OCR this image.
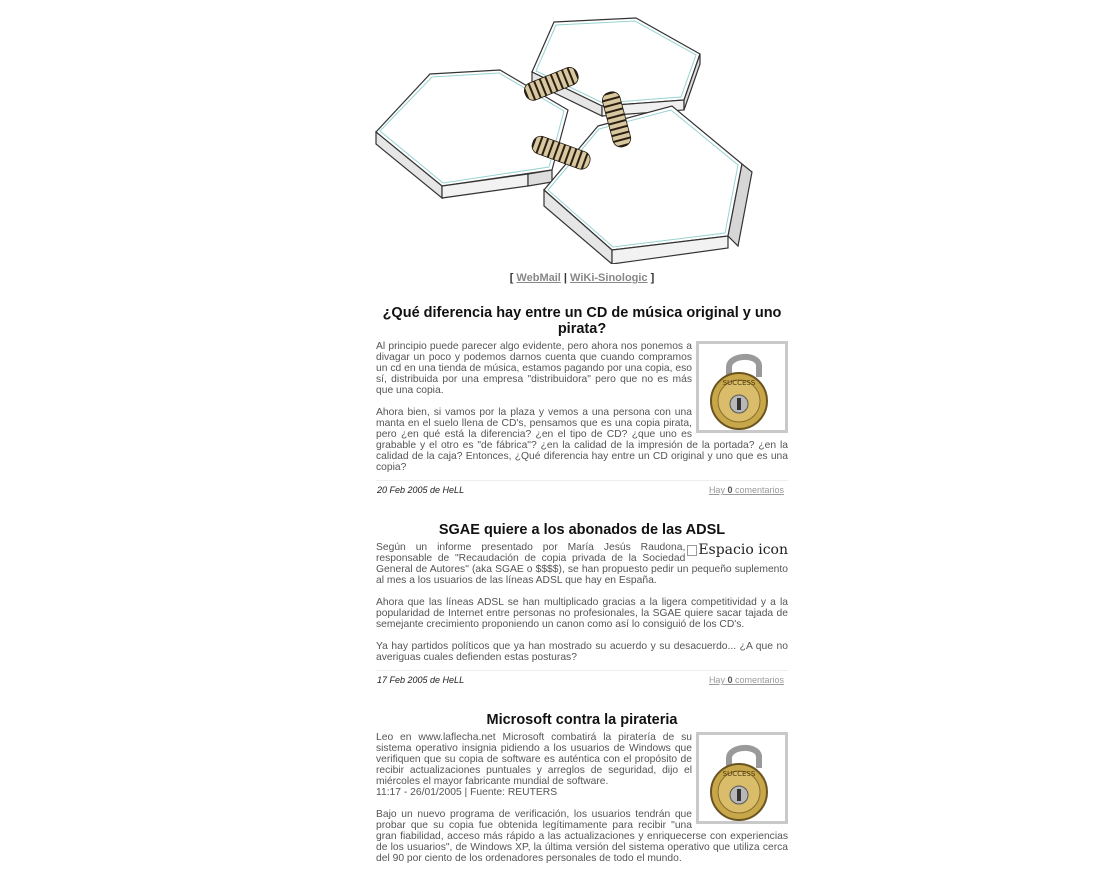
[ WebMail | WiKi-Sinologic ]
¿Qué diferencia hay entre un CD de música original y uno pirata?
SUCCESS

Al principio puede parecer algo evidente, pero ahora nos ponemos a divagar un poco y podemos darnos cuenta que cuando compramos un cd en una tienda de música, estamos pagando por una copia, eso sí, distribuida por una empresa "distribuidora" pero que no es más que una copia.

Ahora bien, si vamos por la plaza y vemos a una persona con una manta en el suelo llena de CD's, pensamos que es una copia pirata, pero ¿en qué está la diferencia? ¿en el tipo de CD? ¿que uno es grabable y el otro es "de fábrica"? ¿en la calidad de la impresión de la portada? ¿en la calidad de la caja? Entonces, ¿Qué diferencia hay entre un CD original y uno que es una copia?

20 Feb 2005 de HeLL	Hay 0 comentarios
SGAE quiere a los abonados de las ADSL
Espacio icon

Según un informe presentado por María Jesús Raudona, responsable de "Recaudación de copia privada de la Sociedad General de Autores" (aka SGAE o $$$$), se han propuesto pedir un pequeño suplemento al mes a los usuarios de las líneas ADSL que hay en España.

Ahora que las líneas ADSL se han multiplicado gracias a la ligera competitividad y a la popularidad de Internet entre personas no profesionales, la SGAE quiere sacar tajada de semejante crecimiento proponiendo un canon como así lo consiguió de los CD's.

Ya hay partidos políticos que ya han mostrado su acuerdo y su desacuerdo... ¿A que no averiguas cuales defienden estas posturas?

17 Feb 2005 de HeLL	Hay 0 comentarios
Microsoft contra la pirateria
SUCCESS

Leo en www.laflecha.net Microsoft combatirá la piratería de su sistema operativo insignia pidiendo a los usuarios de Windows que verifiquen que su copia de software es auténtica con el propósito de recibir actualizaciones puntuales y arreglos de seguridad, dijo el miércoles el mayor fabricante mundial de software.

11:17 - 26/01/2005 | Fuente: REUTERS

Bajo un nuevo programa de verificación, los usuarios tendrán que probar que su copia fue obtenida legítimamente para recibir "una gran fiabilidad, acceso más rápido a las actualizaciones y enriquecerse con experiencias de los usuarios", de Windows XP, la última versión del sistema operativo que utiliza cerca del 90 por ciento de los ordenadores personales de todo el mundo.
